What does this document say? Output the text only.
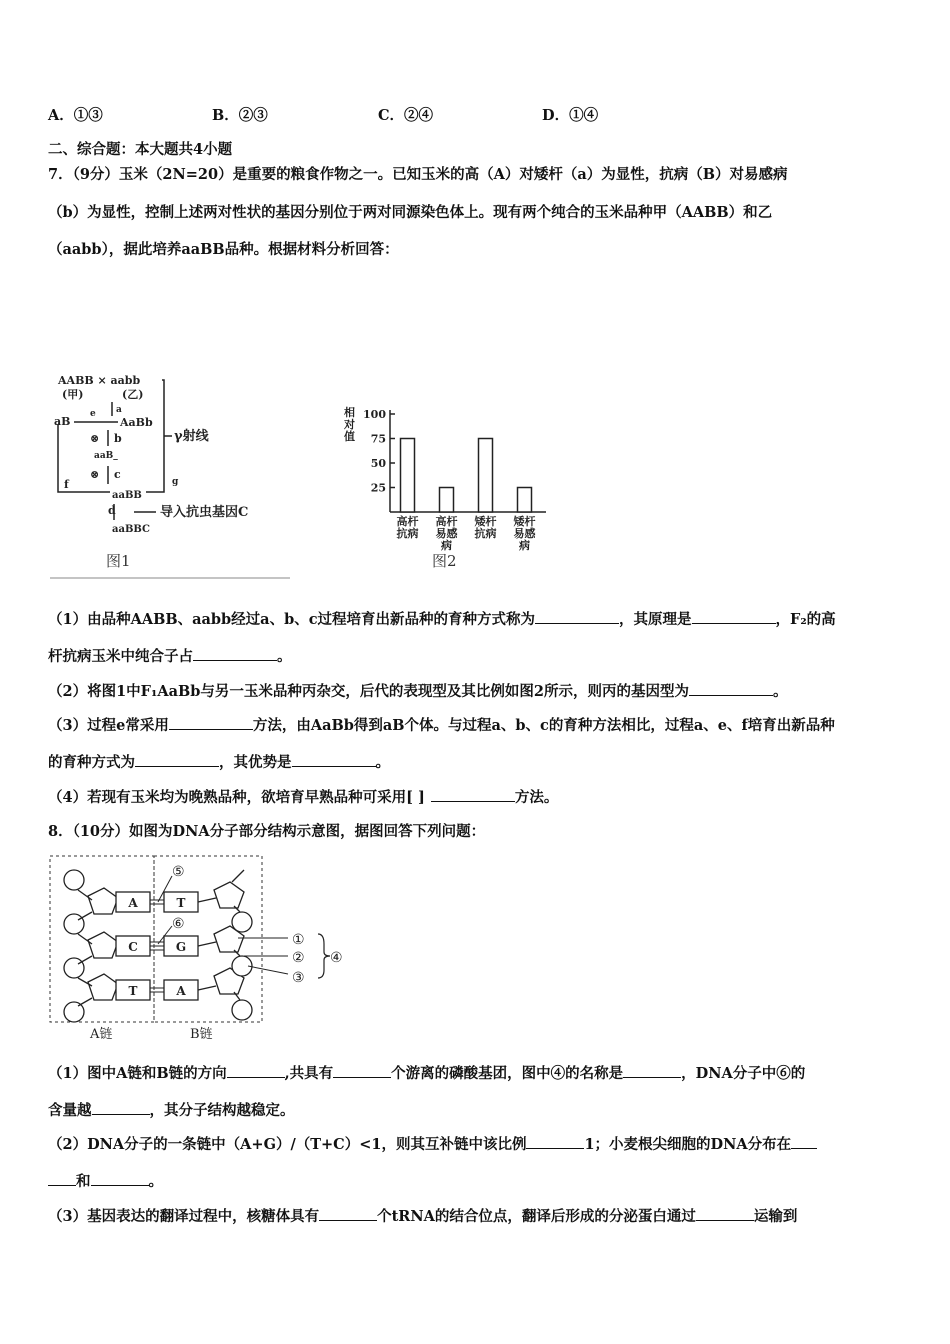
A．①③	B．②③	C．②④	D．①④
二、综合题：本大题共4小题
7．（9分）玉米（2N=20）是重要的粮食作物之一。已知玉米的高（A）对矮杆（a）为显性，抗病（B）对易感病
（b）为显性，控制上述两对性状的基因分别位于两对同源染色体上。现有两个纯合的玉米品种甲（AABB）和乙
（aabb），据此培养aaBB品种。根据材料分析回答：
AABB × aabb
(甲)	(乙)
a
e
aB	AaBb
⊗ b
aaB_
⊗ c
f	g
aaBB
d	导入抗虫基因C
aaBBC
γ射线
图1
相
对
值
25
50
75
100
高杆
抗病
高杆
易感
病
矮杆
抗病
矮杆
易感
病
图2
（1）由品种AABB、aabb经过a、b、c过程培育出新品种的育种方式称为	，其原理是	，F₂的高
杆抗病玉米中纯合子占	。
（2）将图1中F₁AaBb与另一玉米品种丙杂交，后代的表现型及其比例如图2所示，则丙的基因型为	。
（3）过程e常采用	方法，由AaBb得到aB个体。与过程a、b、c的育种方法相比，过程a、e、f培育出新品种
的育种方式为	，其优势是	。
（4）若现有玉米均为晚熟品种，欲培育早熟品种可采用[ ]	方法。
8．（10分）如图为DNA分子部分结构示意图，据图回答下列问题：
A
C
T
T
G
A
⑤
⑥
①
②
③
④
A链	B链
（1）图中A链和B链的方向	,共具有	个游离的磷酸基团，图中④的名称是	，DNA分子中⑥的
含量越	，其分子结构越稳定。
（2）DNA分子的一条链中（A+G）/（T+C）<1，则其互补链中该比例	1；小麦根尖细胞的DNA分布在
和	。
（3）基因表达的翻译过程中，核糖体具有	个tRNA的结合位点，翻译后形成的分泌蛋白通过	运输到
